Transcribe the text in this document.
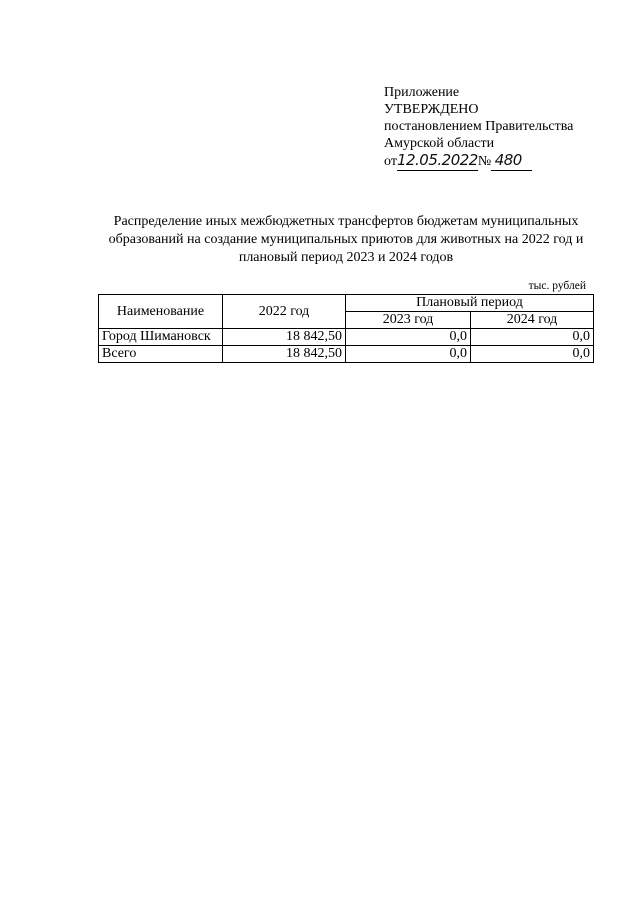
Приложение
УТВЕРЖДЕНО
постановлением Правительства
Амурской области
от12.05.2022№ 480
Распределение иных межбюджетных трансфертов бюджетам муниципальных образований на создание муниципальных приютов для животных на 2022 год и плановый период 2023 и 2024 годов
тыс. рублей
Наименование	2022 год	Плановый период	
		2023 год	2024 год
Город Шимановск	18 842,50	0,0	0,0
Всего	18 842,50	0,0	0,0
